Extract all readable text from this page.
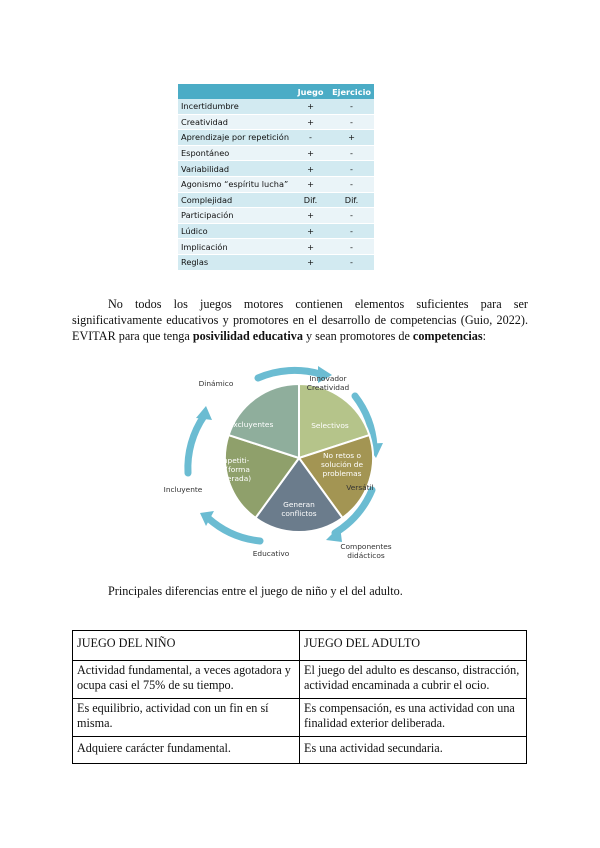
	Juego	Ejercicio
Incertidumbre	+	-
Creatividad	+	-
Aprendizaje por repetición	-	+
Espontáneo	+	-
Variabilidad	+	-
Agonismo “espíritu lucha”	+	-
Complejidad	Dif.	Dif.
Participación	+	-
Lúdico	+	-
Implicación	+	-
Reglas	+	-
No todos los juegos motores contienen elementos suficientes para ser significativamente educativos y promotores en el desarrollo de competencias (Guio, 2022). EVITAR para que tenga posivilidad educativa y sean promotores de competencias:
Excluyentes	Selectivos
No retos o
solución de
problemas
Generan
conflictos
Competiti-
vos (forma
exagerada)
Dinámico
Innovador
Creatividad
Versátil
Componentes
didácticos
Educativo
Incluyente
Principales diferencias entre el juego de niño y el del adulto.
JUEGO DEL NIÑO	JUEGO DEL ADULTO
Actividad fundamental, a veces agotadora y ocupa casi el 75% de su tiempo.	El juego del adulto es descanso, distracción, actividad encaminada a cubrir el ocio.
Es equilibrio, actividad con un fin en sí misma.	Es compensación, es una actividad con una finalidad exterior deliberada.
Adquiere carácter fundamental.	Es una actividad secundaria.
